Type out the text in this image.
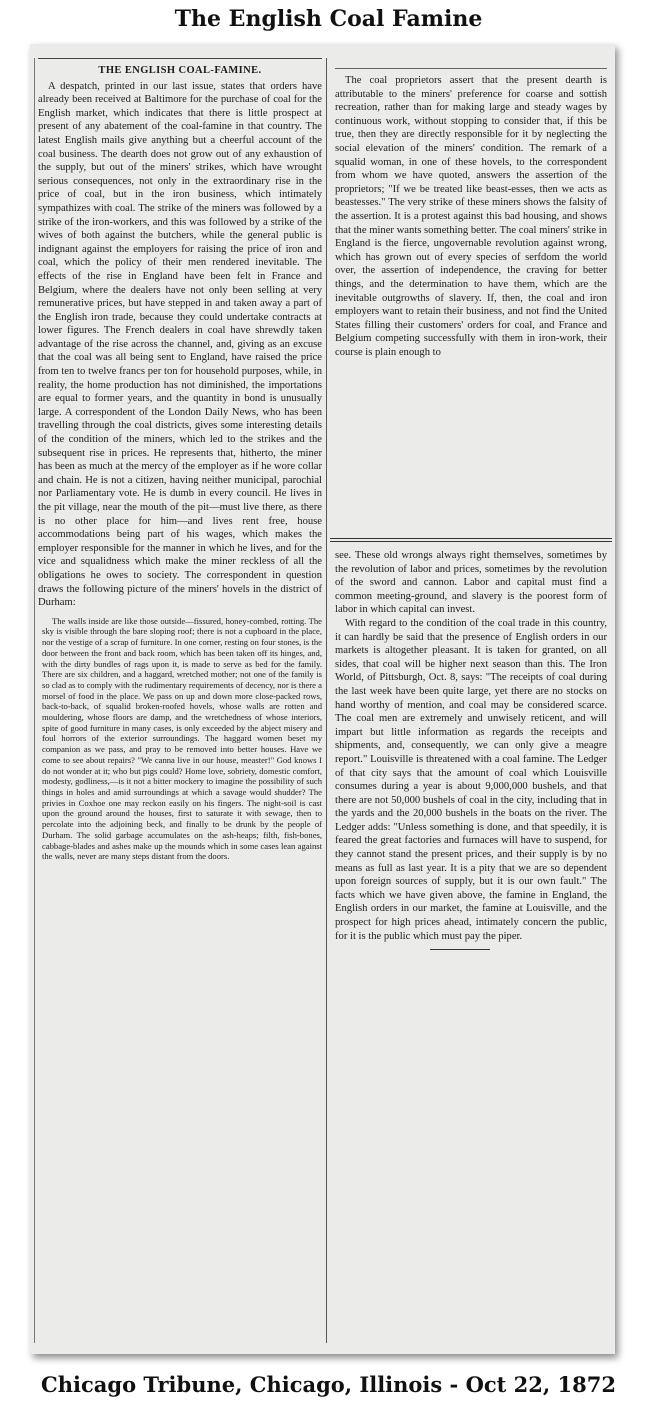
The English Coal Famine

THE ENGLISH COAL-FAMINE.

A despatch, printed in our last issue, states that orders have already been received at Baltimore for the purchase of coal for the English market, which indicates that there is little prospect at present of any abatement of the coal-famine in that country. The latest English mails give anything but a cheerful account of the coal business. The dearth does not grow out of any exhaustion of the supply, but out of the miners' strikes, which have wrought serious consequences, not only in the extraordinary rise in the price of coal, but in the iron business, which intimately sympathizes with coal. The strike of the miners was followed by a strike of the iron-workers, and this was followed by a strike of the wives of both against the butchers, while the general public is indignant against the employers for raising the price of iron and coal, which the policy of their men rendered inevitable. The effects of the rise in England have been felt in France and Belgium, where the dealers have not only been selling at very remunerative prices, but have stepped in and taken away a part of the English iron trade, because they could undertake contracts at lower figures. The French dealers in coal have shrewdly taken advantage of the rise across the channel, and, giving as an excuse that the coal was all being sent to England, have raised the price from ten to twelve francs per ton for household purposes, while, in reality, the home production has not diminished, the importations are equal to former years, and the quantity in bond is unusually large. A correspondent of the London Daily News, who has been travelling through the coal districts, gives some interesting details of the condition of the miners, which led to the strikes and the subsequent rise in prices. He represents that, hitherto, the miner has been as much at the mercy of the employer as if he wore collar and chain. He is not a citizen, having neither municipal, parochial nor Parliamentary vote. He is dumb in every council. He lives in the pit village, near the mouth of the pit—must live there, as there is no other place for him—and lives rent free, house accommodations being part of his wages, which makes the employer responsible for the manner in which he lives, and for the vice and squalidness which make the miner reckless of all the obligations he owes to society. The correspondent in question draws the following picture of the miners' hovels in the district of Durham:

The walls inside are like those outside—fissured, honey-combed, rotting. The sky is visible through the bare sloping roof; there is not a cupboard in the place, nor the vestige of a scrap of furniture. In one corner, resting on four stones, is the door between the front and back room, which has been taken off its hinges, and, with the dirty bundles of rags upon it, is made to serve as bed for the family. There are six children, and a haggard, wretched mother; not one of the family is so clad as to comply with the rudimentary requirements of decency, nor is there a morsel of food in the place. We pass on up and down more close-packed rows, back-to-back, of squalid broken-roofed hovels, whose walls are rotten and mouldering, whose floors are damp, and the wretchedness of whose interiors, spite of good furniture in many cases, is only exceeded by the abject misery and foul horrors of the exterior surroundings. The haggard women beset my companion as we pass, and pray to be removed into better houses. Have we come to see about repairs? "We canna live in our house, measter!" God knows I do not wonder at it; who but pigs could? Home love, sobriety, domestic comfort, modesty, godliness,—is it not a bitter mockery to imagine the possibility of such things in holes and amid surroundings at which a savage would shudder? The privies in Coxhoe one may reckon easily on his fingers. The night-soil is cast upon the ground around the houses, first to saturate it with sewage, then to percolate into the adjoining beck, and finally to be drunk by the people of Durham. The solid garbage accumulates on the ash-heaps; filth, fish-bones, cabbage-blades and ashes make up the mounds which in some cases lean against the walls, never are many steps distant from the doors.

The coal proprietors assert that the present dearth is attributable to the miners' preference for coarse and sottish recreation, rather than for making large and steady wages by continuous work, without stopping to consider that, if this be true, then they are directly responsible for it by neglecting the social elevation of the miners' condition. The remark of a squalid woman, in one of these hovels, to the correspondent from whom we have quoted, answers the assertion of the proprietors; "If we be treated like beast-esses, then we acts as beastesses." The very strike of these miners shows the falsity of the assertion. It is a protest against this bad housing, and shows that the miner wants something better. The coal miners' strike in England is the fierce, ungovernable revolution against wrong, which has grown out of every species of serfdom the world over, the assertion of independence, the craving for better things, and the determination to have them, which are the inevitable outgrowths of slavery. If, then, the coal and iron employers want to retain their business, and not find the United States filling their customers' orders for coal, and France and Belgium competing successfully with them in iron-work, their course is plain enough to

see. These old wrongs always right themselves, sometimes by the revolution of labor and prices, sometimes by the revolution of the sword and cannon. Labor and capital must find a common meeting-ground, and slavery is the poorest form of labor in which capital can invest.

With regard to the condition of the coal trade in this country, it can hardly be said that the presence of English orders in our markets is altogether pleasant. It is taken for granted, on all sides, that coal will be higher next season than this. The Iron World, of Pittsburgh, Oct. 8, says: "The receipts of coal during the last week have been quite large, yet there are no stocks on hand worthy of mention, and coal may be considered scarce. The coal men are extremely and unwisely reticent, and will impart but little information as regards the receipts and shipments, and, consequently, we can only give a meagre report." Louisville is threatened with a coal famine. The Ledger of that city says that the amount of coal which Louisville consumes during a year is about 9,000,000 bushels, and that there are not 50,000 bushels of coal in the city, including that in the yards and the 20,000 bushels in the boats on the river. The Ledger adds: "Unless something is done, and that speedily, it is feared the great factories and furnaces will have to suspend, for they cannot stand the present prices, and their supply is by no means as full as last year. It is a pity that we are so dependent upon foreign sources of supply, but it is our own fault." The facts which we have given above, the famine in England, the English orders in our market, the famine at Louisville, and the prospect for high prices ahead, intimately concern the public, for it is the public which must pay the piper.

Chicago Tribune, Chicago, Illinois - Oct 22, 1872
